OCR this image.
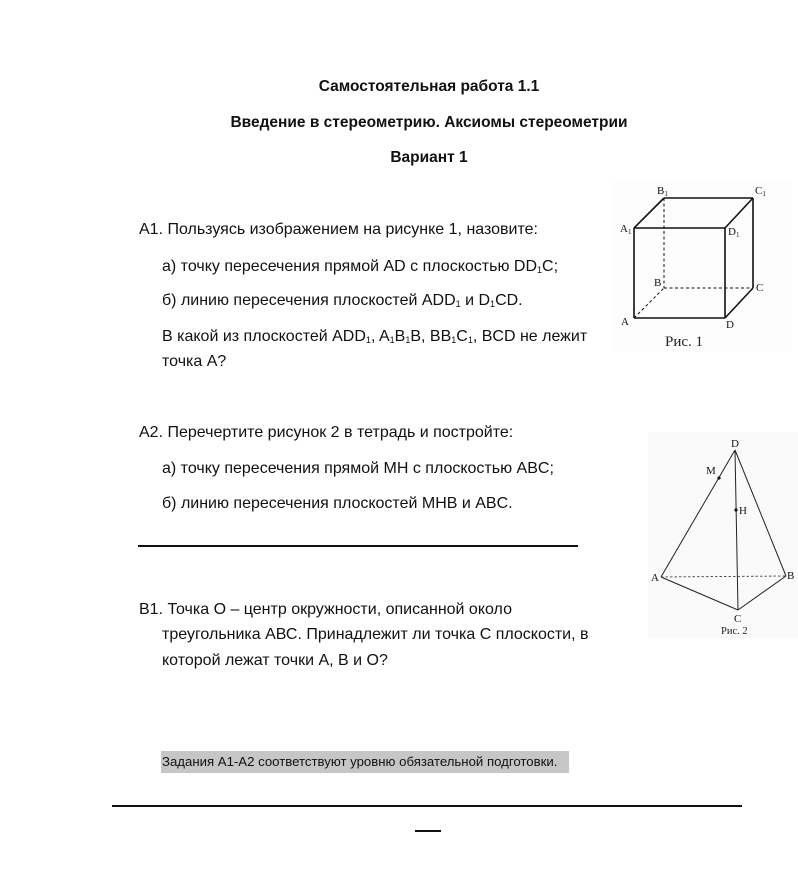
Самостоятельная работа 1.1
Введение в стереометрию. Аксиомы стереометрии
Вариант 1
А1. Пользуясь изображением на рисунке 1, назовите:
а) точку пересечения прямой AD с плоскостью $DD_1C$;
б) линию пересечения плоскостей $ADD_1$ и $D_1CD$.
В какой из плоскостей $ADD_1$, $A_1B_1B$, $BB_1C_1$, BCD не лежит
точка А?
A1
B1	C1
D1
B	C
A	D
Рис. 1
А2. Перечертите рисунок 2 в тетрадь и постройте:
а) точку пересечения прямой MH с плоскостью ABC;
б) линию пересечения плоскостей MHB и ABC.
D
M
H
A	B
C
Рис. 2
В1. Точка О – центр окружности, описанной около
треугольника АВС. Принадлежит ли точка С плоскости, в
которой лежат точки А, В и О?
Задания А1-А2 соответствуют уровню обязательной подготовки.
